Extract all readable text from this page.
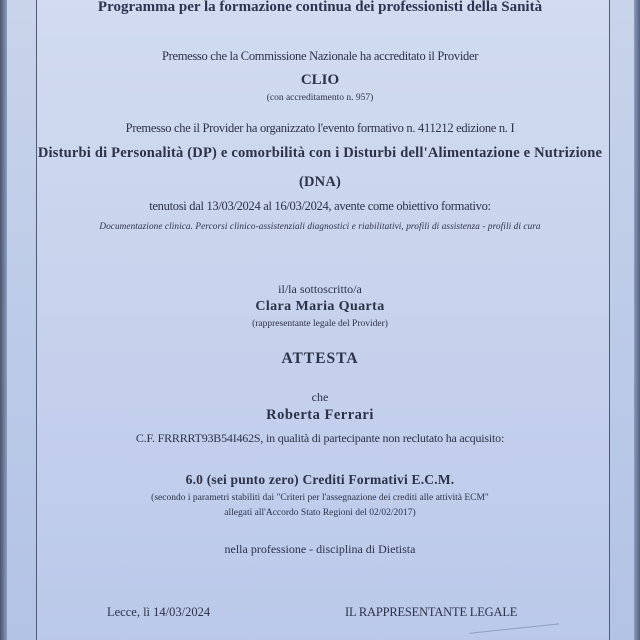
Programma per la formazione continua dei professionisti della Sanità
Premesso che la Commissione Nazionale ha accreditato il Provider
CLIO
(con accreditamento n. 957)
Premesso che il Provider ha organizzato l'evento formativo n. 411212 edizione n. I
Disturbi di Personalità (DP) e comorbilità con i Disturbi dell'Alimentazione e Nutrizione
(DNA)
tenutosi dal 13/03/2024 al 16/03/2024, avente come obiettivo formativo:
Documentazione clinica. Percorsi clinico-assistenziali diagnostici e riabilitativi, profili di assistenza - profili di cura
il/la sottoscritto/a
Clara Maria Quarta
(rappresentante legale del Provider)
ATTESTA
che
Roberta Ferrari
C.F. FRRRRT93B54I462S, in qualità di partecipante non reclutato ha acquisito:
6.0 (sei punto zero) Crediti Formativi E.C.M.
(secondo i parametri stabiliti dai "Criteri per l'assegnazione dei crediti alle attività ECM"
allegati all'Accordo Stato Regioni del 02/02/2017)
nella professione - disciplina di Dietista
Lecce, lì 14/03/2024	IL RAPPRESENTANTE LEGALE
